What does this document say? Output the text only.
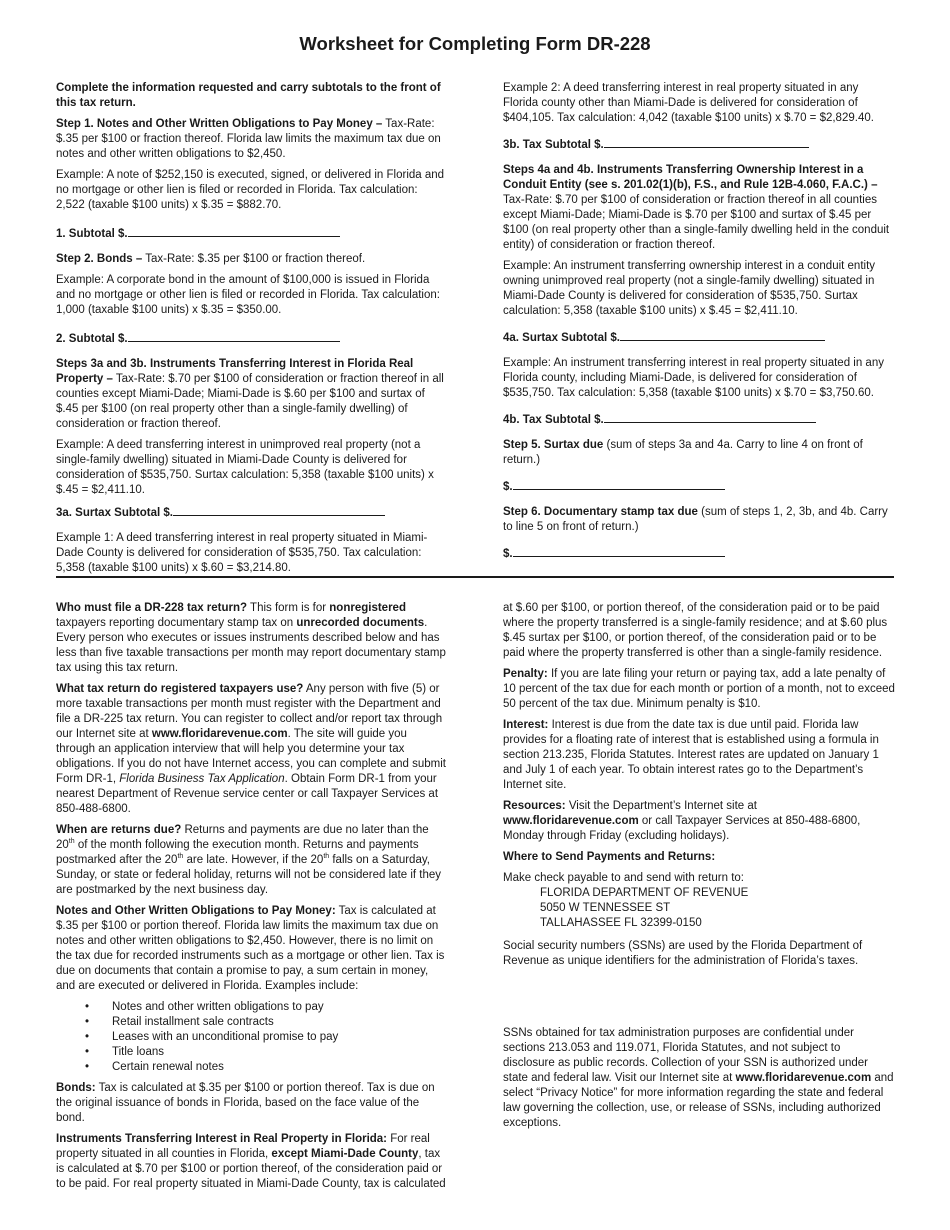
Worksheet for Completing Form DR-228

Complete the information requested and carry subtotals to the front of this tax return.

Step 1. Notes and Other Written Obligations to Pay Money – Tax-Rate: $.35 per $100 or fraction thereof. Florida law limits the maximum tax due on notes and other written obligations to $2,450.

Example: A note of $252,150 is executed, signed, or delivered in Florida and no mortgage or other lien is filed or recorded in Florida. Tax calculation: 2,522 (taxable $100 units) x $.35 = $882.70.

1. Subtotal $.

Step 2. Bonds – Tax-Rate: $.35 per $100 or fraction thereof.

Example: A corporate bond in the amount of $100,000 is issued in Florida and no mortgage or other lien is filed or recorded in Florida. Tax calculation: 1,000 (taxable $100 units) x $.35 = $350.00.

2. Subtotal $.

Steps 3a and 3b. Instruments Transferring Interest in Florida Real Property – Tax-Rate: $.70 per $100 of consideration or fraction thereof in all counties except Miami-Dade; Miami-Dade is $.60 per $100 and surtax of $.45 per $100 (on real property other than a single-family dwelling) of consideration or fraction thereof.

Example: A deed transferring interest in unimproved real property (not a single-family dwelling) situated in Miami-Dade County is delivered for consideration of $535,750. Surtax calculation: 5,358 (taxable $100 units) x $.45 = $2,411.10.

3a. Surtax Subtotal $.

Example 1: A deed transferring interest in real property situated in Miami-Dade County is delivered for consideration of $535,750. Tax calculation: 5,358 (taxable $100 units) x $.60 = $3,214.80.

Example 2: A deed transferring interest in real property situated in any Florida county other than Miami-Dade is delivered for consideration of $404,105. Tax calculation: 4,042 (taxable $100 units) x $.70 = $2,829.40.

3b. Tax Subtotal $.

Steps 4a and 4b. Instruments Transferring Ownership Interest in a Conduit Entity (see s. 201.02(1)(b), F.S., and Rule 12B-4.060, F.A.C.) – Tax-Rate: $.70 per $100 of consideration or fraction thereof in all counties except Miami-Dade; Miami-Dade is $.70 per $100 and surtax of $.45 per $100 (on real property other than a single-family dwelling held in the conduit entity) of consideration or fraction thereof.

Example: An instrument transferring ownership interest in a conduit entity owning unimproved real property (not a single-family dwelling) situated in Miami-Dade County is delivered for consideration of $535,750. Surtax calculation: 5,358 (taxable $100 units) x $.45 = $2,411.10.

4a. Surtax Subtotal $.

Example: An instrument transferring interest in real property situated in any Florida county, including Miami-Dade, is delivered for consideration of $535,750. Tax calculation: 5,358 (taxable $100 units) x $.70 = $3,750.60.

4b. Tax Subtotal $.

Step 5. Surtax due (sum of steps 3a and 4a. Carry to line 4 on front of return.)

$.

Step 6. Documentary stamp tax due (sum of steps 1, 2, 3b, and 4b. Carry to line 5 on front of return.)

$.

Who must file a DR-228 tax return? This form is for nonregistered taxpayers reporting documentary stamp tax on unrecorded documents. Every person who executes or issues instruments described below and has less than five taxable transactions per month may report documentary stamp tax using this tax return.

What tax return do registered taxpayers use? Any person with five (5) or more taxable transactions per month must register with the Department and file a DR-225 tax return. You can register to collect and/or report tax through our Internet site at www.floridarevenue.com. The site will guide you through an application interview that will help you determine your tax obligations. If you do not have Internet access, you can complete and submit Form DR-1, Florida Business Tax Application. Obtain Form DR-1 from your nearest Department of Revenue service center or call Taxpayer Services at 850-488-6800.

When are returns due? Returns and payments are due no later than the 20th of the month following the execution month. Returns and payments postmarked after the 20th are late. However, if the 20th falls on a Saturday, Sunday, or state or federal holiday, returns will not be considered late if they are postmarked by the next business day.

Notes and Other Written Obligations to Pay Money: Tax is calculated at $.35 per $100 or portion thereof. Florida law limits the maximum tax due on notes and other written obligations to $2,450. However, there is no limit on the tax due for recorded instruments such as a mortgage or other lien. Tax is due on documents that contain a promise to pay, a sum certain in money, and are executed or delivered in Florida. Examples include:

• Notes and other written obligations to pay
• Retail installment sale contracts
• Leases with an unconditional promise to pay
• Title loans
• Certain renewal notes

Bonds: Tax is calculated at $.35 per $100 or portion thereof. Tax is due on the original issuance of bonds in Florida, based on the face value of the bond.

Instruments Transferring Interest in Real Property in Florida: For real property situated in all counties in Florida, except Miami-Dade County, tax is calculated at $.70 per $100 or portion thereof, of the consideration paid or to be paid. For real property situated in Miami-Dade County, tax is calculated

at $.60 per $100, or portion thereof, of the consideration paid or to be paid where the property transferred is a single-family residence; and at $.60 plus $.45 surtax per $100, or portion thereof, of the consideration paid or to be paid where the property transferred is other than a single-family residence.

Penalty: If you are late filing your return or paying tax, add a late penalty of 10 percent of the tax due for each month or portion of a month, not to exceed 50 percent of the tax due. Minimum penalty is $10.

Interest: Interest is due from the date tax is due until paid. Florida law provides for a floating rate of interest that is established using a formula in section 213.235, Florida Statutes. Interest rates are updated on January 1 and July 1 of each year. To obtain interest rates go to the Department’s Internet site.

Resources: Visit the Department’s Internet site at www.floridarevenue.com or call Taxpayer Services at 850-488-6800, Monday through Friday (excluding holidays).

Where to Send Payments and Returns:

Make check payable to and send with return to:

FLORIDA DEPARTMENT OF REVENUE
5050 W TENNESSEE ST
TALLAHASSEE FL 32399-0150

Social security numbers (SSNs) are used by the Florida Department of Revenue as unique identifiers for the administration of Florida’s taxes.

SSNs obtained for tax administration purposes are confidential under sections 213.053 and 119.071, Florida Statutes, and not subject to disclosure as public records. Collection of your SSN is authorized under state and federal law. Visit our Internet site at www.floridarevenue.com and select “Privacy Notice” for more information regarding the state and federal law governing the collection, use, or release of SSNs, including authorized exceptions.
